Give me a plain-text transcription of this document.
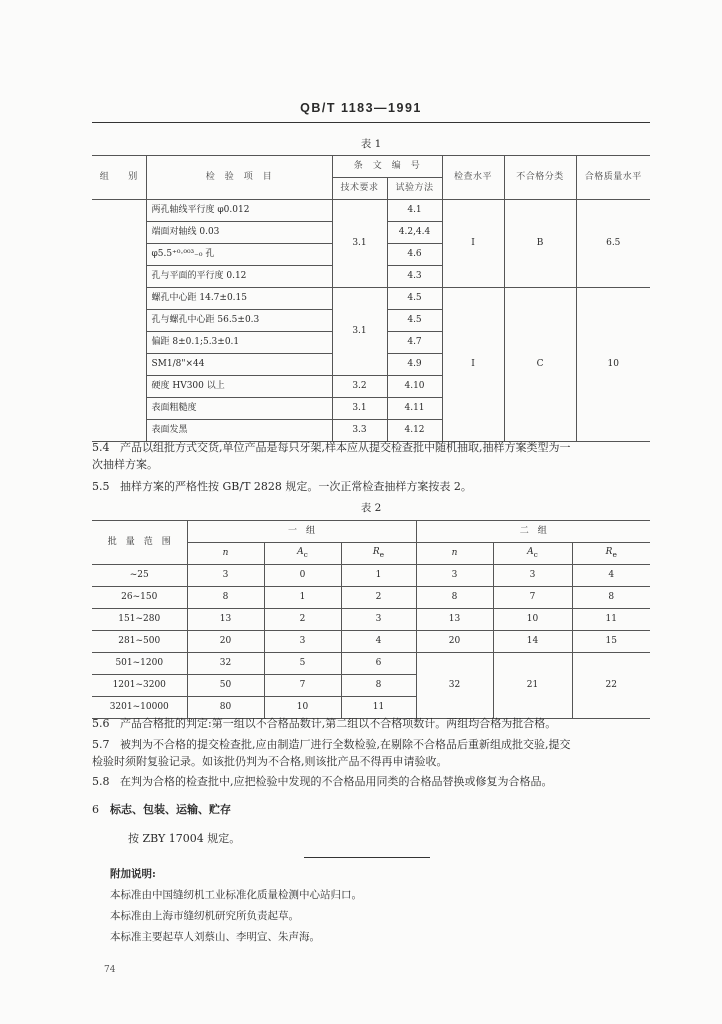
QB/T 1183—1991
表 1
组　　别	检　验　项　目	条　文　编　号		检查水平	不合格分类	合格质量水平
		技术要求	试验方法			
	两孔轴线平行度 φ0.012	3.1	4.1	I	B	6.5
	端面对轴线 0.03		4.2,4.4			
	φ5.5⁺⁰·⁰⁰³₋₀ 孔		4.6			
	孔与平面的平行度 0.12		4.3			
	螺孔中心距 14.7±0.15	3.1	4.5	I	C	10
	孔与螺孔中心距 56.5±0.3		4.5			
	偏距 8±0.1;5.3±0.1		4.7			
	SM1/8"×44		4.9			
	硬度 HV300 以上	3.2	4.10			
	表面粗糙度	3.1	4.11			
	表面发黑	3.3	4.12			
5.4 产品以组批方式交货,单位产品是每只牙架,样本应从提交检查批中随机抽取,抽样方案类型为一
次抽样方案。
5.5 抽样方案的严格性按 GB/T 2828 规定。一次正常检查抽样方案按表 2。
表 2
批　量　范　围	一　组			二　组		
	n	$A_c$	$R_e$	n	$A_c$	$R_e$
~25	3	0	1	3	3	4
26~150	8	1	2	8	7	8
151~280	13	2	3	13	10	11
281~500	20	3	4	20	14	15
501~1200	32	5	6	32	21	22
1201~3200	50	7	8			
3201~10000	80	10	11			
5.6 产品合格批的判定:第一组以不合格品数计,第二组以不合格项数计。两组均合格为批合格。
5.7 被判为不合格的提交检查批,应由制造厂进行全数检验,在剔除不合格品后重新组成批交验,提交
检验时须附复验记录。如该批仍判为不合格,则该批产品不得再申请验收。
5.8 在判为合格的检查批中,应把检验中发现的不合格品用同类的合格品替换或修复为合格品。
6 标志、包装、运输、贮存
按 ZBY 17004 规定。
附加说明:
本标准由中国缝纫机工业标准化质量检测中心站归口。
本标准由上海市缝纫机研究所负责起草。
本标准主要起草人刘蔡山、李明宣、朱声海。
74
